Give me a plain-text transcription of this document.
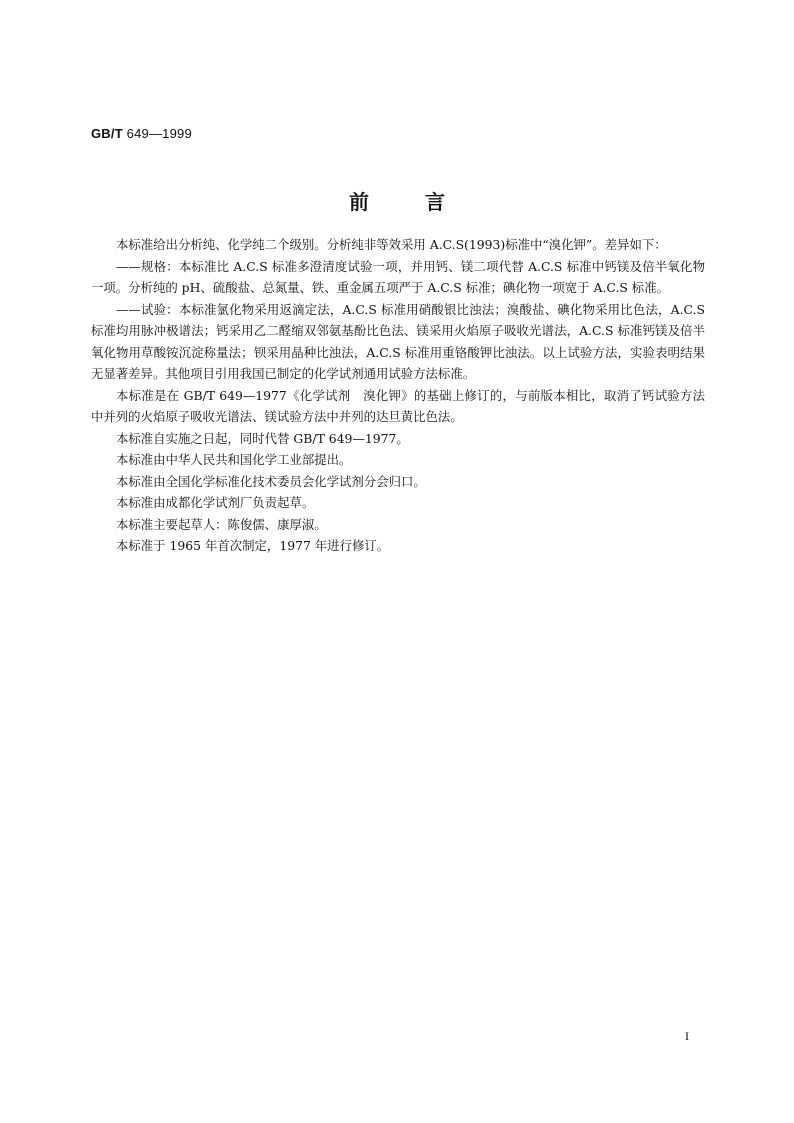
GB/T 649—1999
前言

本标准给出分析纯、化学纯二个级别。分析纯非等效采用 A.C.S(1993)标准中“溴化钾”。差异如下：

——规格：本标准比 A.C.S 标准多澄清度试验一项，并用钙、镁二项代替 A.C.S 标准中钙镁及倍半氧化物一项。分析纯的 pH、硫酸盐、总氮量、铁、重金属五项严于 A.C.S 标准；碘化物一项宽于 A.C.S 标准。

——试验：本标准氯化物采用返滴定法，A.C.S 标准用硝酸银比浊法；溴酸盐、碘化物采用比色法，A.C.S 标准均用脉冲极谱法；钙采用乙二醛缩双邻氨基酚比色法、镁采用火焰原子吸收光谱法，A.C.S 标准钙镁及倍半氧化物用草酸铵沉淀称量法；钡采用晶种比浊法，A.C.S 标准用重铬酸钾比浊法。以上试验方法，实验表明结果无显著差异。其他项目引用我国已制定的化学试剂通用试验方法标准。

本标准是在 GB/T 649—1977《化学试剂　溴化钾》的基础上修订的，与前版本相比，取消了钙试验方法中并列的火焰原子吸收光谱法、镁试验方法中并列的达旦黄比色法。

本标准自实施之日起，同时代替 GB/T 649—1977。

本标准由中华人民共和国化学工业部提出。

本标准由全国化学标准化技术委员会化学试剂分会归口。

本标准由成都化学试剂厂负责起草。

本标准主要起草人：陈俊儒、康厚淑。

本标准于 1965 年首次制定，1977 年进行修订。

I
